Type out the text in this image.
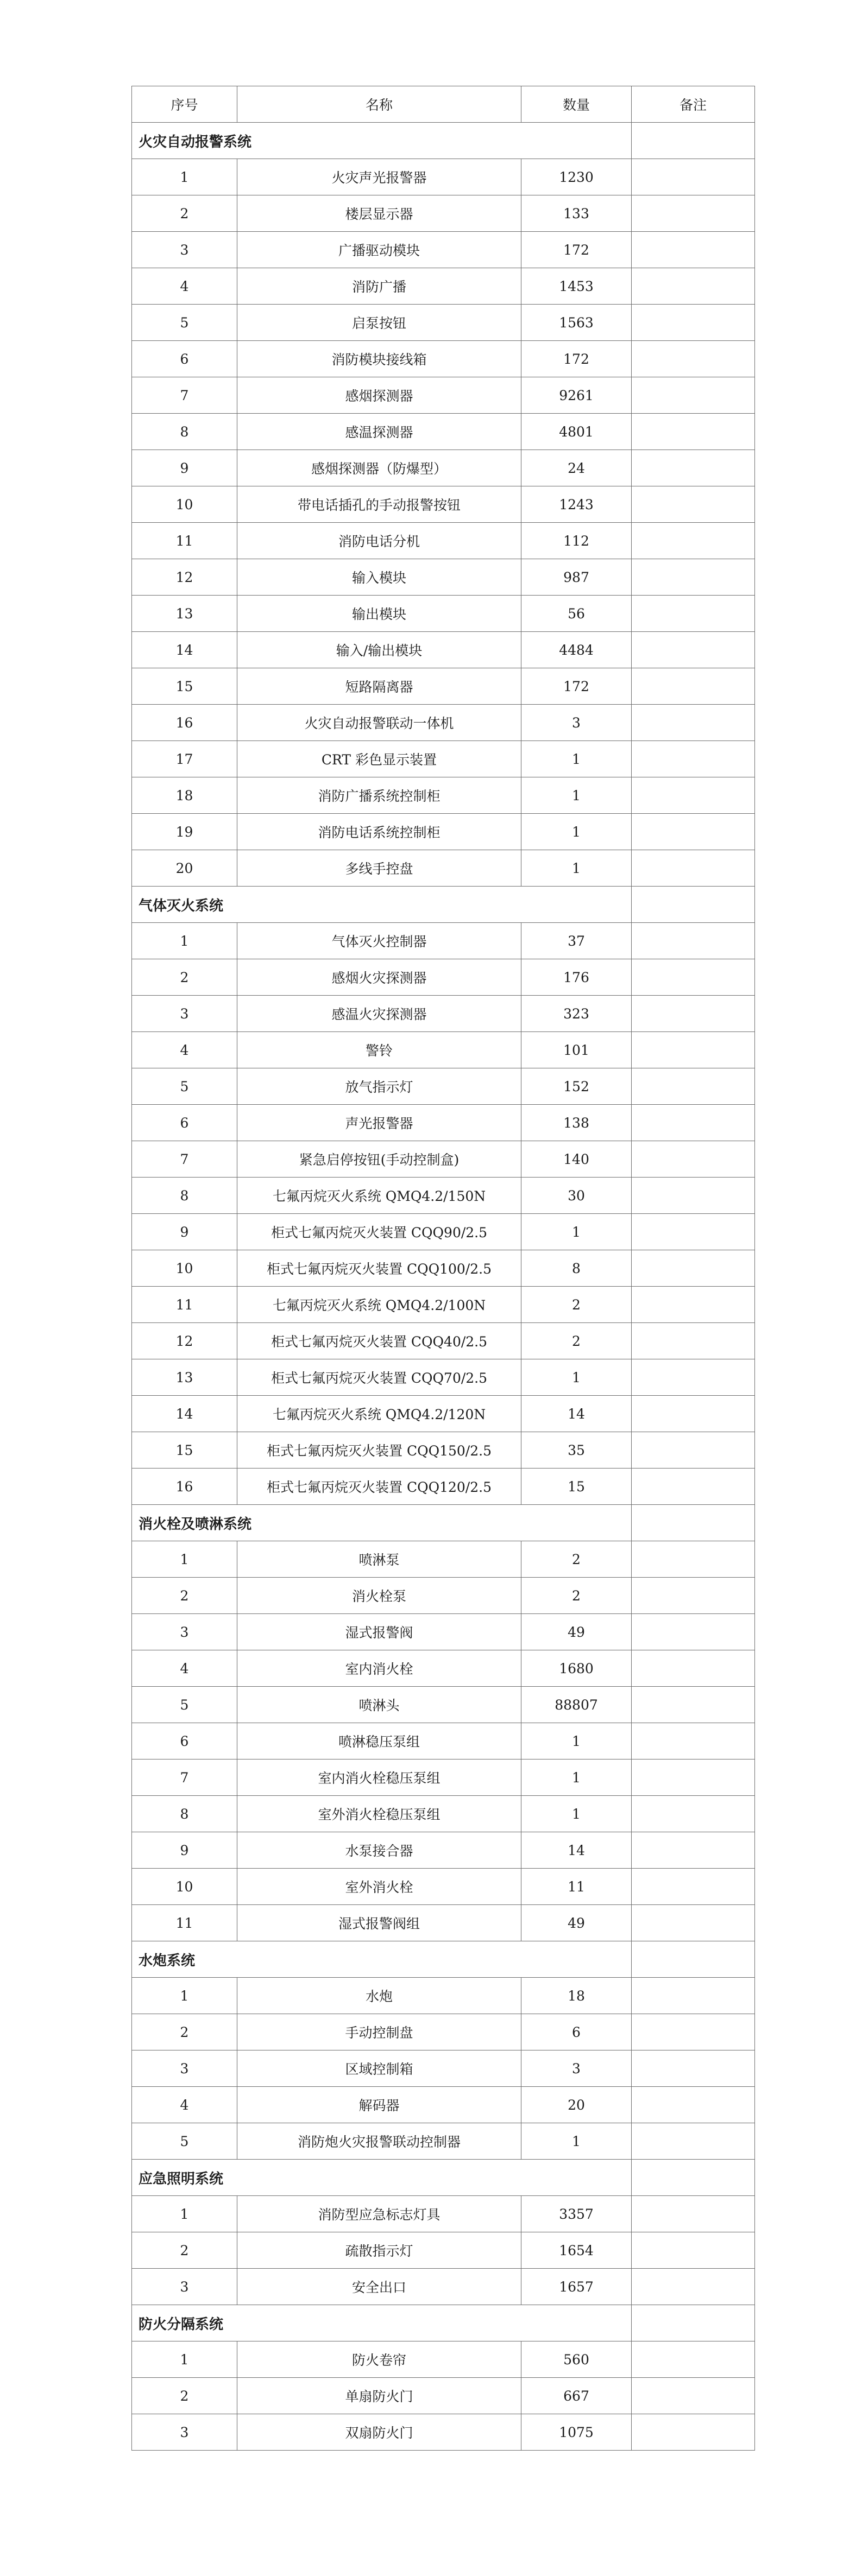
序号	名称	数量	备注
火灾自动报警系统			
1	火灾声光报警器	1230	
2	楼层显示器	133	
3	广播驱动模块	172	
4	消防广播	1453	
5	启泵按钮	1563	
6	消防模块接线箱	172	
7	感烟探测器	9261	
8	感温探测器	4801	
9	感烟探测器（防爆型）	24	
10	带电话插孔的手动报警按钮	1243	
11	消防电话分机	112	
12	输入模块	987	
13	输出模块	56	
14	输入/输出模块	4484	
15	短路隔离器	172	
16	火灾自动报警联动一体机	3	
17	CRT 彩色显示装置	1	
18	消防广播系统控制柜	1	
19	消防电话系统控制柜	1	
20	多线手控盘	1	
气体灭火系统			
1	气体灭火控制器	37	
2	感烟火灾探测器	176	
3	感温火灾探测器	323	
4	警铃	101	
5	放气指示灯	152	
6	声光报警器	138	
7	紧急启停按钮(手动控制盒)	140	
8	七氟丙烷灭火系统 QMQ4.2/150N	30	
9	柜式七氟丙烷灭火装置 CQQ90/2.5	1	
10	柜式七氟丙烷灭火装置 CQQ100/2.5	8	
11	七氟丙烷灭火系统 QMQ4.2/100N	2	
12	柜式七氟丙烷灭火装置 CQQ40/2.5	2	
13	柜式七氟丙烷灭火装置 CQQ70/2.5	1	
14	七氟丙烷灭火系统 QMQ4.2/120N	14	
15	柜式七氟丙烷灭火装置 CQQ150/2.5	35	
16	柜式七氟丙烷灭火装置 CQQ120/2.5	15	
消火栓及喷淋系统			
1	喷淋泵	2	
2	消火栓泵	2	
3	湿式报警阀	49	
4	室内消火栓	1680	
5	喷淋头	88807	
6	喷淋稳压泵组	1	
7	室内消火栓稳压泵组	1	
8	室外消火栓稳压泵组	1	
9	水泵接合器	14	
10	室外消火栓	11	
11	湿式报警阀组	49	
水炮系统			
1	水炮	18	
2	手动控制盘	6	
3	区域控制箱	3	
4	解码器	20	
5	消防炮火灾报警联动控制器	1	
应急照明系统			
1	消防型应急标志灯具	3357	
2	疏散指示灯	1654	
3	安全出口	1657	
防火分隔系统			
1	防火卷帘	560	
2	单扇防火门	667	
3	双扇防火门	1075	
